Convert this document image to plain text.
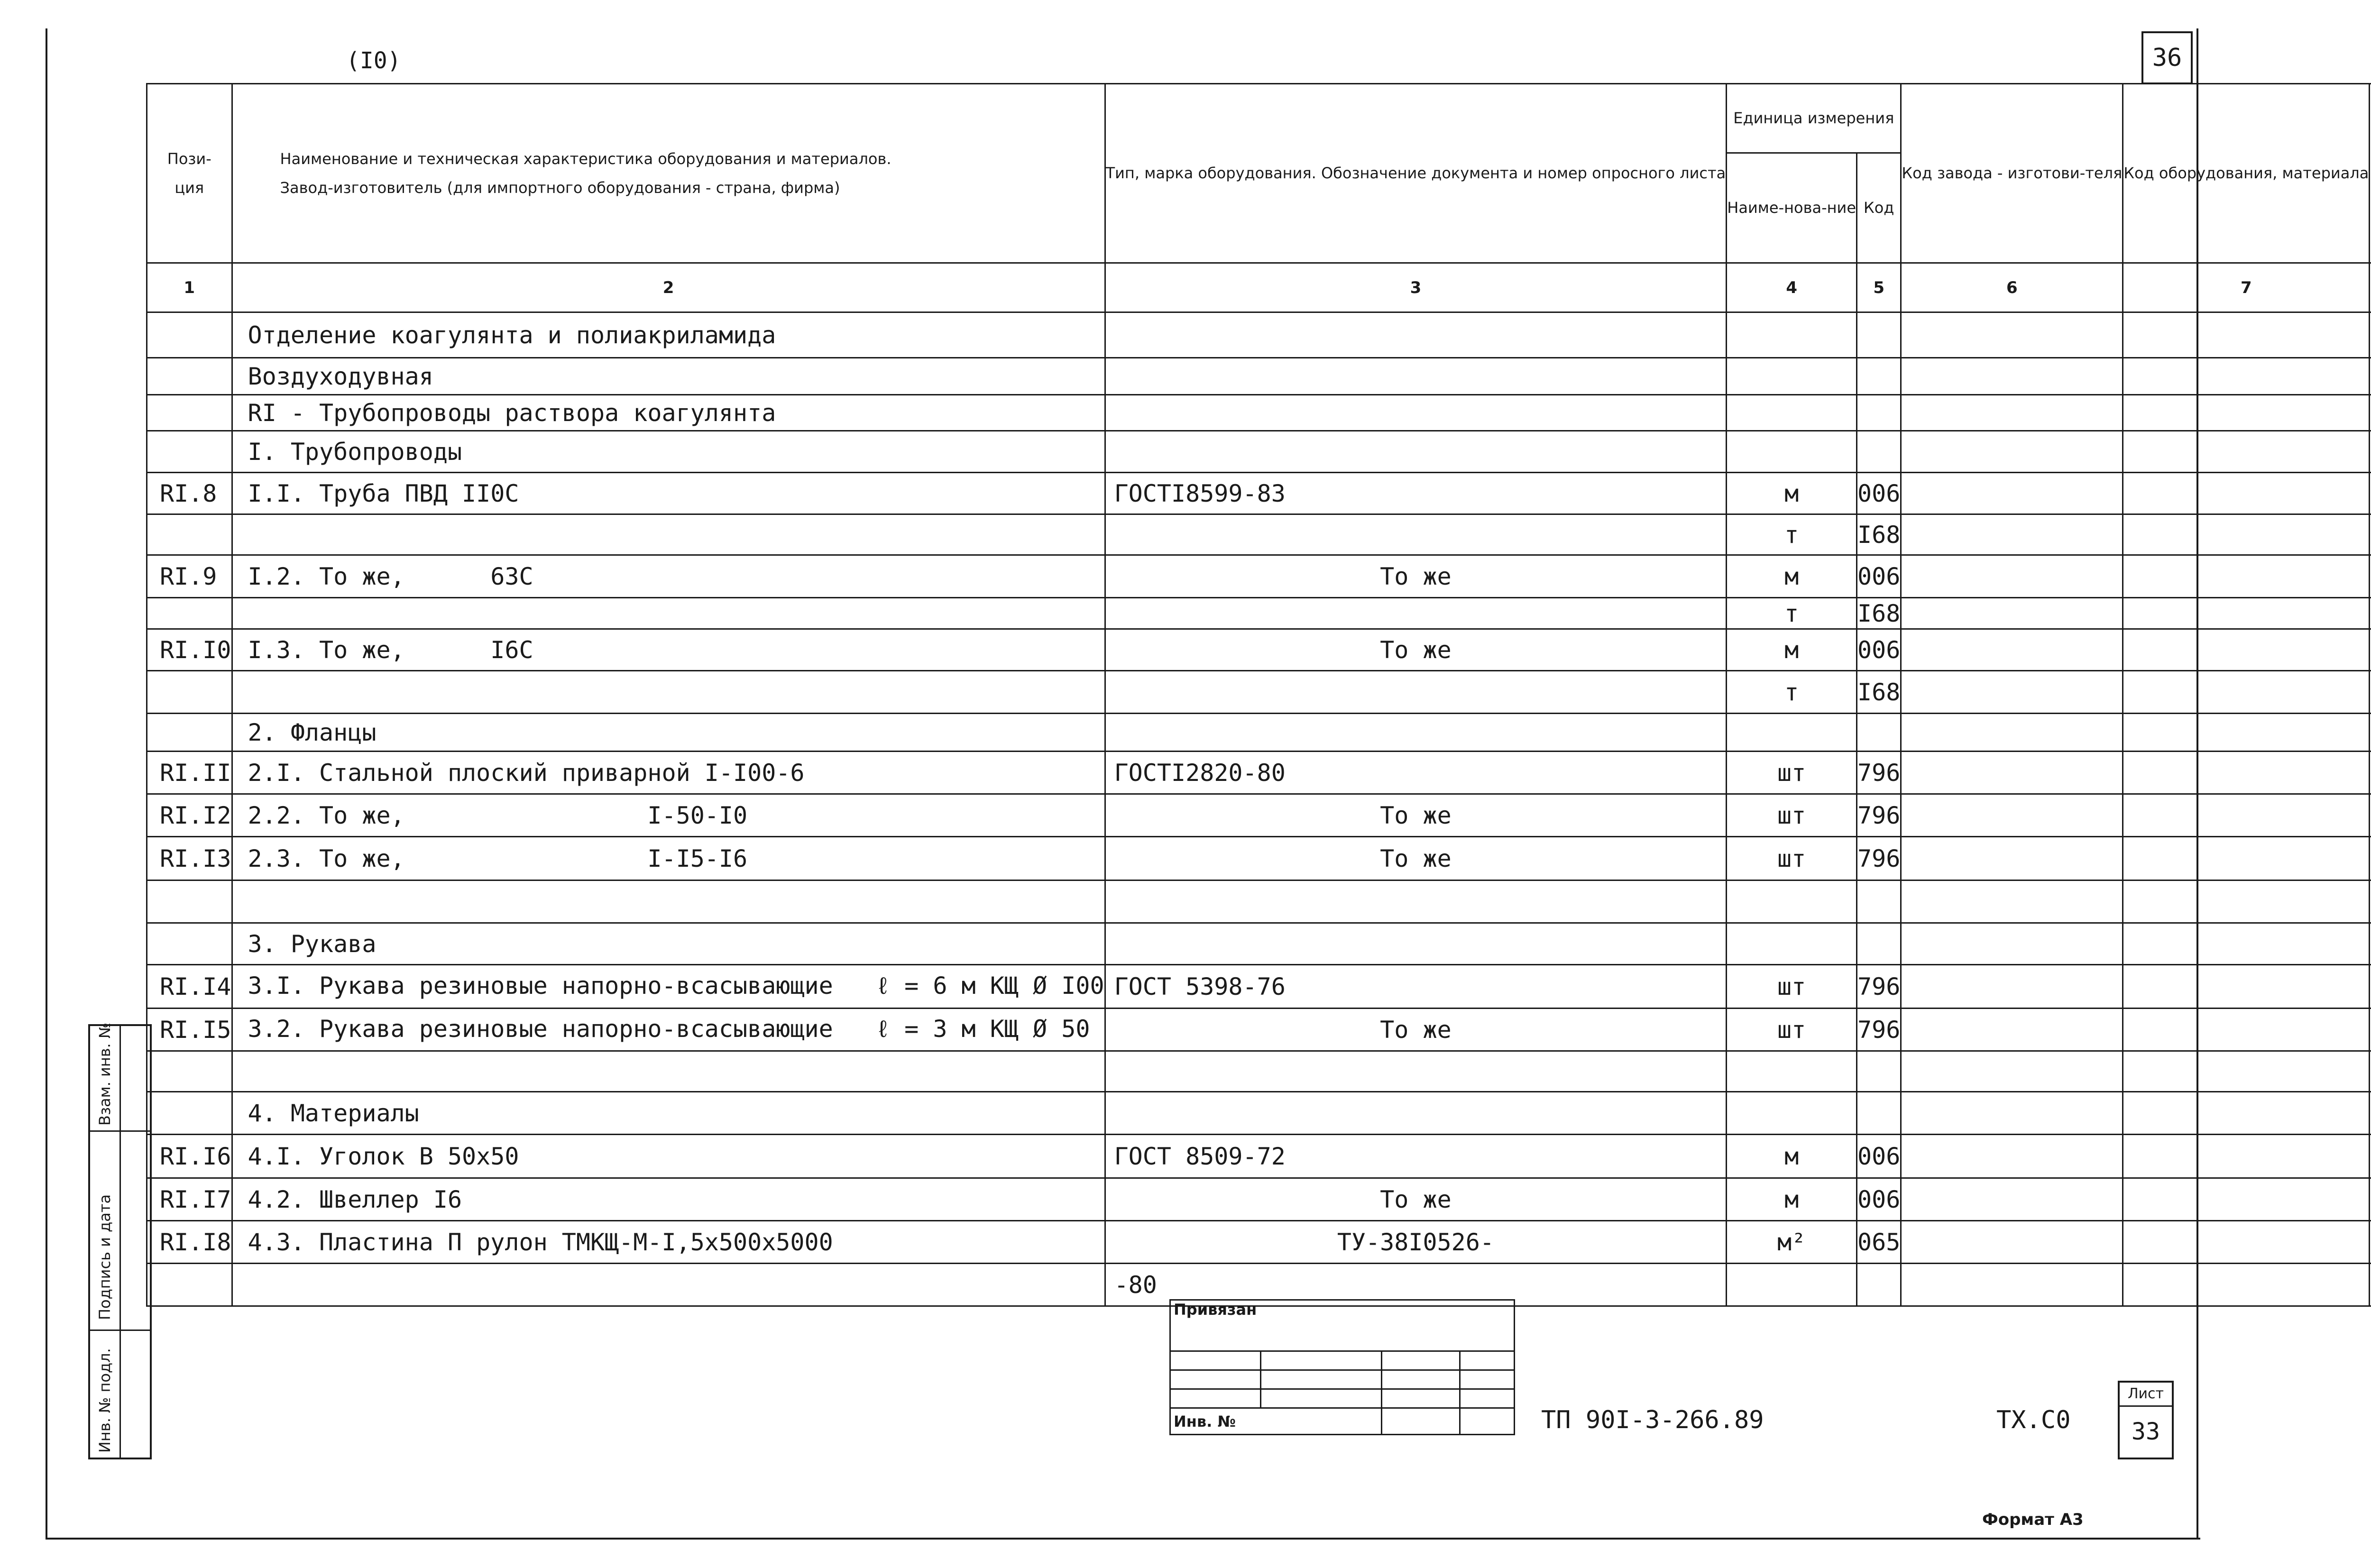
36
(I0)
Пози-
ция	Наименование и техническая характеристика оборудования и материалов.
Завод-изготовитель (для импортного оборудования - страна, фирма)	Тип, марка оборудования. Обозначение документа и номер опросного листа	Единица измерения		Код завода - изготови-теля	Код оборудования, материала			
			Наиме-нова-ние	Код					
1	2	3	4	5	6	7			
	Отделение коагулянта и полиакриламида								
	Воздуходувная								
	RI - Трубопроводы раствора коагулянта								
	I. Трубопроводы								
RI.8	I.I. Труба ПВД II0С	ГОСТI8599-83	м	006					
			т	I68					
RI.9	I.2. То же,      63С	То же	м	006					
			т	I68					
RI.I0	I.3. То же,      I6С	То же	м	006					
			т	I68					
	2. Фланцы								
RI.II	2.I. Стальной плоский приварной I-I00-6	ГОСТI2820-80	шт	796					
RI.I2	2.2. То же,                 I-50-I0	То же	шт	796					
RI.I3	2.3. То же,                 I-I5-I6	То же	шт	796					

	3. Рукава								
RI.I4	3.I. Рукава резиновые напорно-всасывающие   ℓ = 6 м КЩ Ø I00	ГОСТ 5398-76	шт	796					
RI.I5	3.2. Рукава резиновые напорно-всасывающие   ℓ = 3 м КЩ Ø 50	То же	шт	796					

	4. Материалы								
RI.I6	4.I. Уголок В 50x50	ГОСТ 8509-72	м	006					
RI.I7	4.2. Швеллер I6	То же	м	006					
RI.I8	4.3. Пластина П рулон ТМКЩ-М-I,5x500x5000	ТУ-38I0526-	м²	065					
		-80							
Привязан			

Инв. №			
Взам. инв. №
Подпись и дата
Инв. № подл.	ТП 90I-3-266.89	ТХ.С0
Лист
33
Формат А3
